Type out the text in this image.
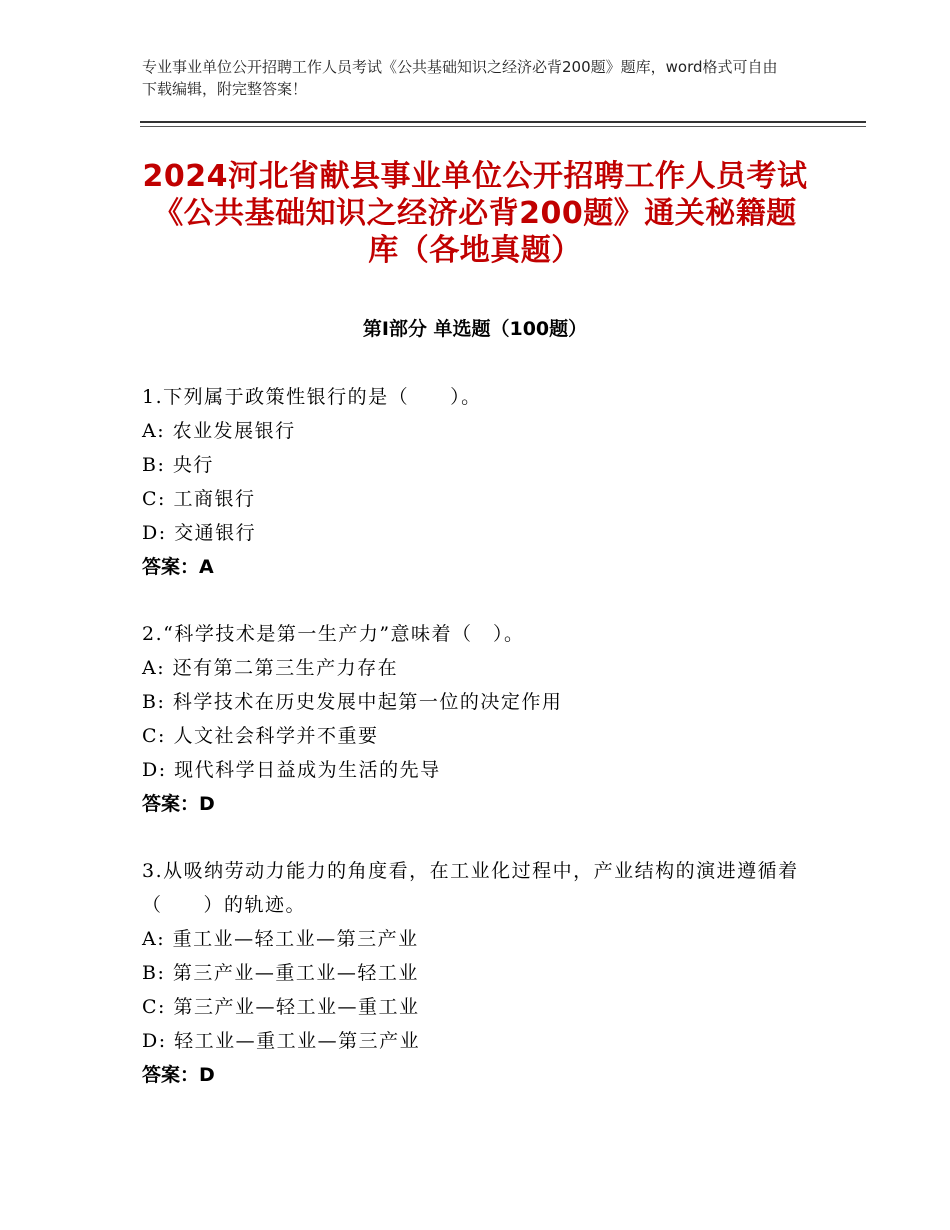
专业事业单位公开招聘工作人员考试《公共基础知识之经济必背200题》题库，word格式可自由下载编辑，附完整答案！
2024河北省献县事业单位公开招聘工作人员考试《公共基础知识之经济必背200题》通关秘籍题库（各地真题）
第Ⅰ部分 单选题（100题）
1.下列属于政策性银行的是（　　）。
A: 农业发展银行
B: 央行
C: 工商银行
D: 交通银行
答案：A
2.“科学技术是第一生产力”意味着（　）。
A: 还有第二第三生产力存在
B: 科学技术在历史发展中起第一位的决定作用
C: 人文社会科学并不重要
D: 现代科学日益成为生活的先导
答案：D
3.从吸纳劳动力能力的角度看，在工业化过程中，产业结构的演进遵循着（　　）的轨迹。
A: 重工业—轻工业—第三产业
B: 第三产业—重工业—轻工业
C: 第三产业—轻工业—重工业
D: 轻工业—重工业—第三产业
答案：D
